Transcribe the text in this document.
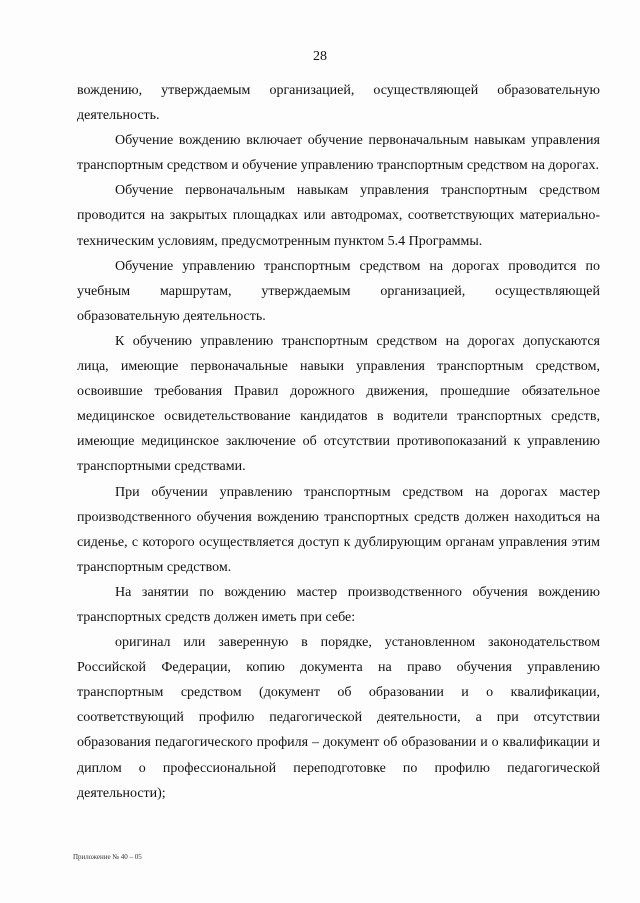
28

вождению, утверждаемым организацией, осуществляющей образовательную деятельность.

Обучение вождению включает обучение первоначальным навыкам управления транспортным средством и обучение управлению транспортным средством на дорогах.

Обучение первоначальным навыкам управления транспортным средством проводится на закрытых площадках или автодромах, соответствующих материально-техническим условиям, предусмотренным пунктом 5.4 Программы.

Обучение управлению транспортным средством на дорогах проводится по учебным маршрутам, утверждаемым организацией, осуществляющей образовательную деятельность.

К обучению управлению транспортным средством на дорогах допускаются лица, имеющие первоначальные навыки управления транспортным средством, освоившие требования Правил дорожного движения, прошедшие обязательное медицинское освидетельствование кандидатов в водители транспортных средств, имеющие медицинское заключение об отсутствии противопоказаний к управлению транспортными средствами.

При обучении управлению транспортным средством на дорогах мастер производственного обучения вождению транспортных средств должен находиться на сиденье, с которого осуществляется доступ к дублирующим органам управления этим транспортным средством.

На занятии по вождению мастер производственного обучения вождению транспортных средств должен иметь при себе:

оригинал или заверенную в порядке, установленном законодательством Российской Федерации, копию документа на право обучения управлению транспортным средством (документ об образовании и о квалификации, соответствующий профилю педагогической деятельности, а при отсутствии образования педагогического профиля – документ об образовании и о квалификации и диплом о профессиональной переподготовке по профилю педагогической деятельности);

Приложение № 40 – 05
